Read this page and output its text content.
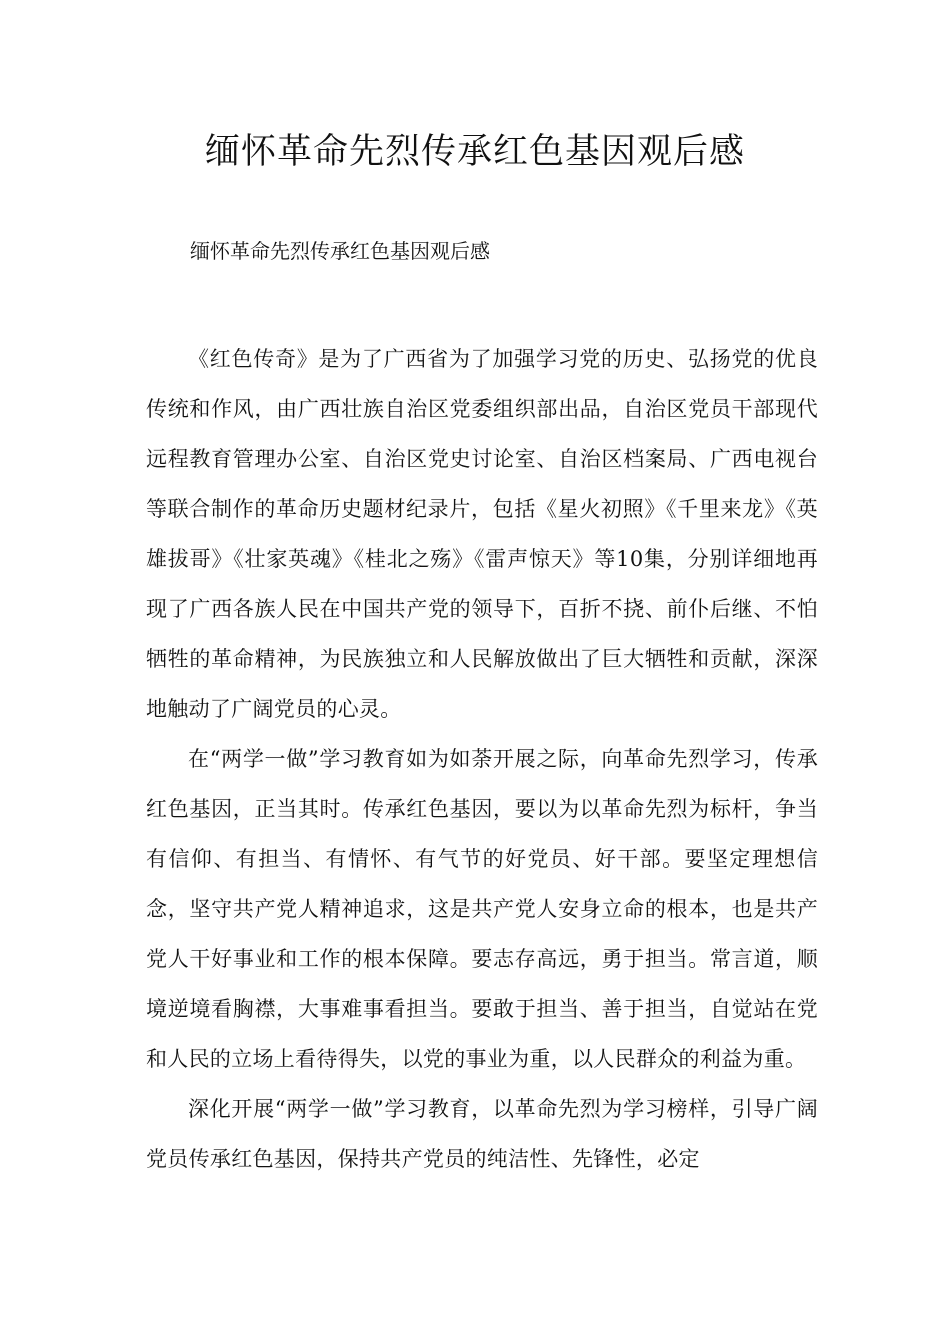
缅怀革命先烈传承红色基因观后感

缅怀革命先烈传承红色基因观后感

《红色传奇》是为了广西省为了加强学习党的历史、弘扬党的优良传统和作风，由广西壮族自治区党委组织部出品，自治区党员干部现代远程教育管理办公室、自治区党史讨论室、自治区档案局、广西电视台等联合制作的革命历史题材纪录片，包括《星火初照》《千里来龙》《英雄拔哥》《壮家英魂》《桂北之殇》《雷声惊天》等10集，分别详细地再现了广西各族人民在中国共产党的领导下，百折不挠、前仆后继、不怕牺牲的革命精神，为民族独立和人民解放做出了巨大牺牲和贡献，深深地触动了广阔党员的心灵。

在“两学一做”学习教育如为如荼开展之际，向革命先烈学习，传承红色基因，正当其时。传承红色基因，要以为以革命先烈为标杆，争当有信仰、有担当、有情怀、有气节的好党员、好干部。要坚定理想信念，坚守共产党人精神追求，这是共产党人安身立命的根本，也是共产党人干好事业和工作的根本保障。要志存高远，勇于担当。常言道，顺境逆境看胸襟，大事难事看担当。要敢于担当、善于担当，自觉站在党和人民的立场上看待得失，以党的事业为重，以人民群众的利益为重。

深化开展“两学一做”学习教育，以革命先烈为学习榜样，引导广阔党员传承红色基因，保持共产党员的纯洁性、先锋性，必定
